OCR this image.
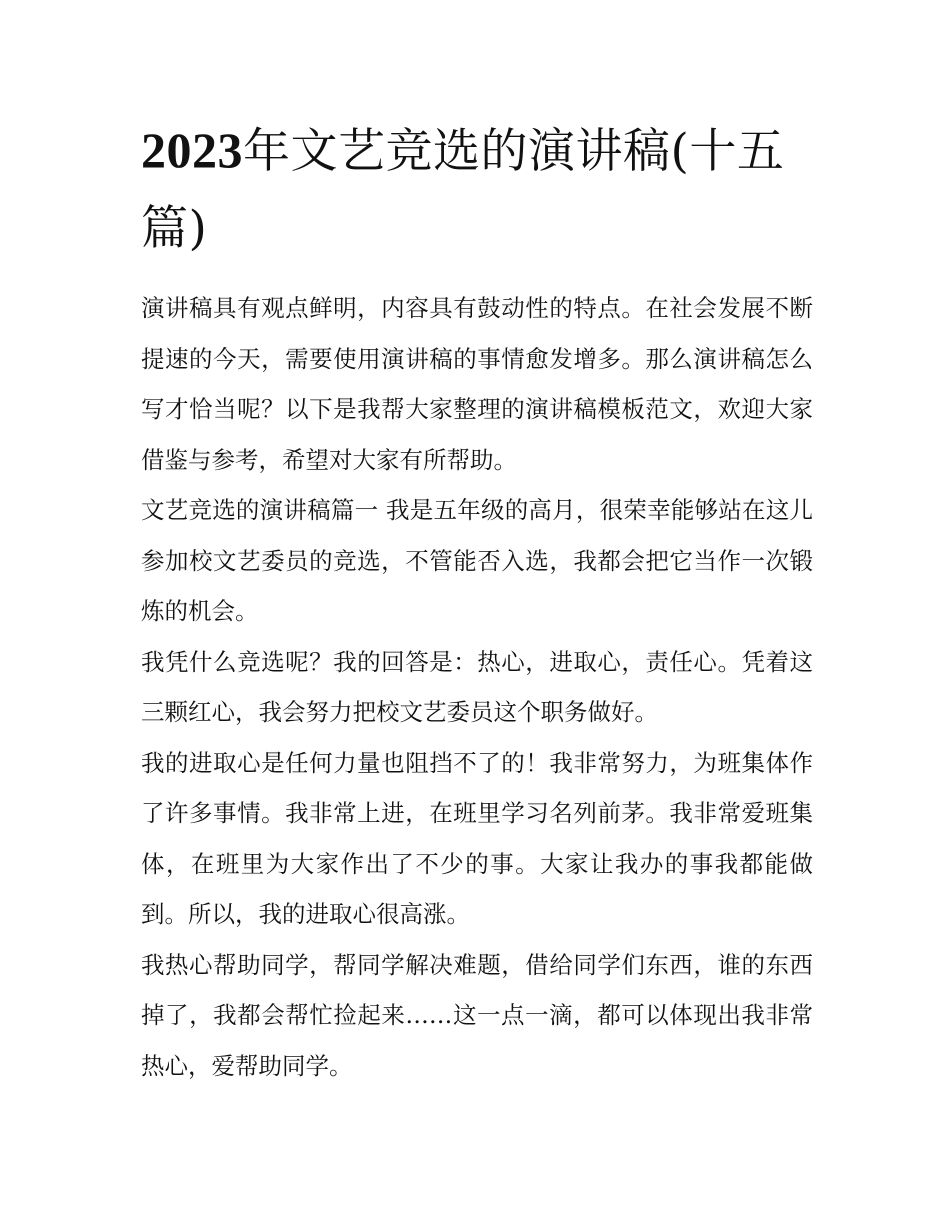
2023年文艺竞选的演讲稿(十五篇)

演讲稿具有观点鲜明，内容具有鼓动性的特点。在社会发展不断提速的今天，需要使用演讲稿的事情愈发增多。那么演讲稿怎么写才恰当呢？以下是我帮大家整理的演讲稿模板范文，欢迎大家借鉴与参考，希望对大家有所帮助。

文艺竞选的演讲稿篇一 我是五年级的高月，很荣幸能够站在这儿参加校文艺委员的竞选，不管能否入选，我都会把它当作一次锻炼的机会。

我凭什么竞选呢？我的回答是：热心，进取心，责任心。凭着这三颗红心，我会努力把校文艺委员这个职务做好。

我的进取心是任何力量也阻挡不了的！我非常努力，为班集体作了许多事情。我非常上进，在班里学习名列前茅。我非常爱班集体，在班里为大家作出了不少的事。大家让我办的事我都能做到。所以，我的进取心很高涨。

我热心帮助同学，帮同学解决难题，借给同学们东西，谁的东西掉了，我都会帮忙捡起来……这一点一滴，都可以体现出我非常热心，爱帮助同学。
